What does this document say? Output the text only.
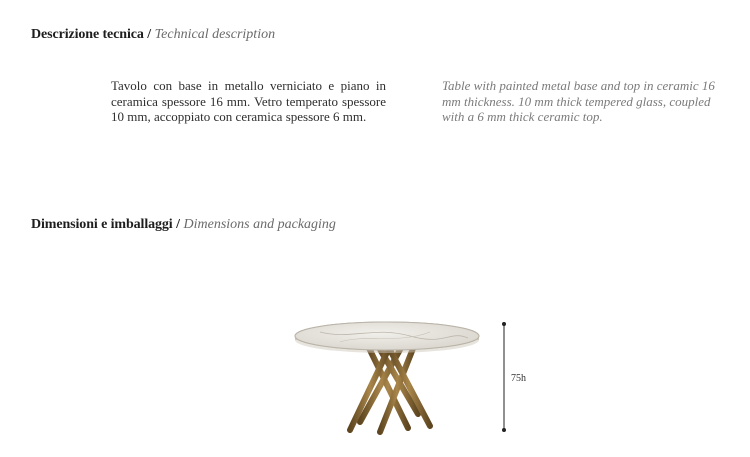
Descrizione tecnica / Technical description
Tavolo con base in metallo verniciato e piano in ceramica spessore 16 mm. Vetro temperato spessore 10 mm, accoppiato con ceramica spessore 6 mm.
Table with painted metal base and top in ceramic 16 mm thickness. 10 mm thick tempered glass, coupled with a 6 mm thick ceramic top.
Dimensioni e imballaggi / Dimensions and packaging
75h
